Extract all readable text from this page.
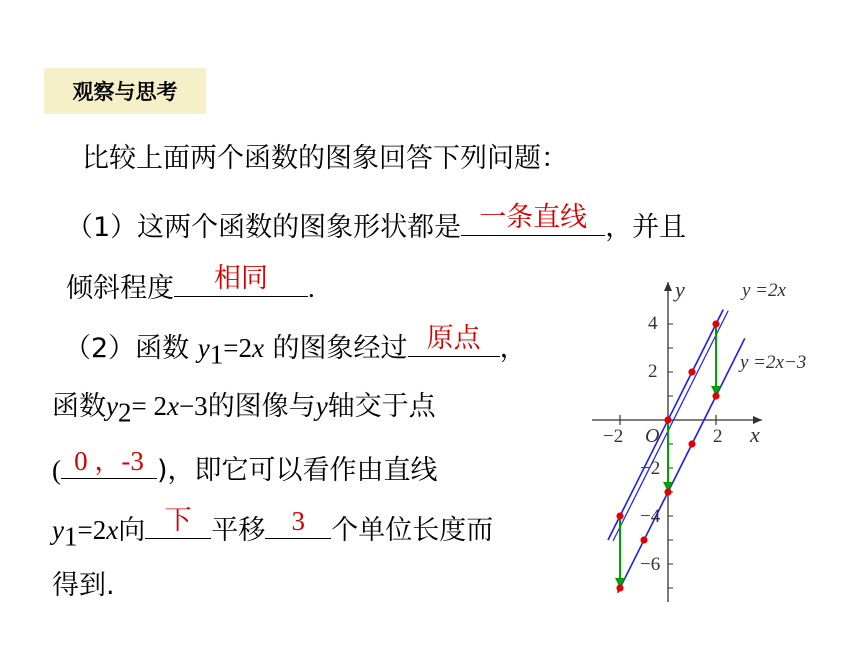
观察与思考
比较上面两个函数的图象回答下列问题：
（1）这两个函数的图象形状都是 一条直线 ，并且
倾斜程度	相同	.
（2）函数 $y_1=2x$ 的图象经过 原点 ，
函数$y_2= 2x-3$的图像与y轴交于点
( 0 ，-3 )，即它可以看作由直线
$y_1=2x$向 下 平移 3 个单位长度而
得到.
y
x
O
y =2x
y =2x−3
−2	2
4
2
−2
−4
−6
